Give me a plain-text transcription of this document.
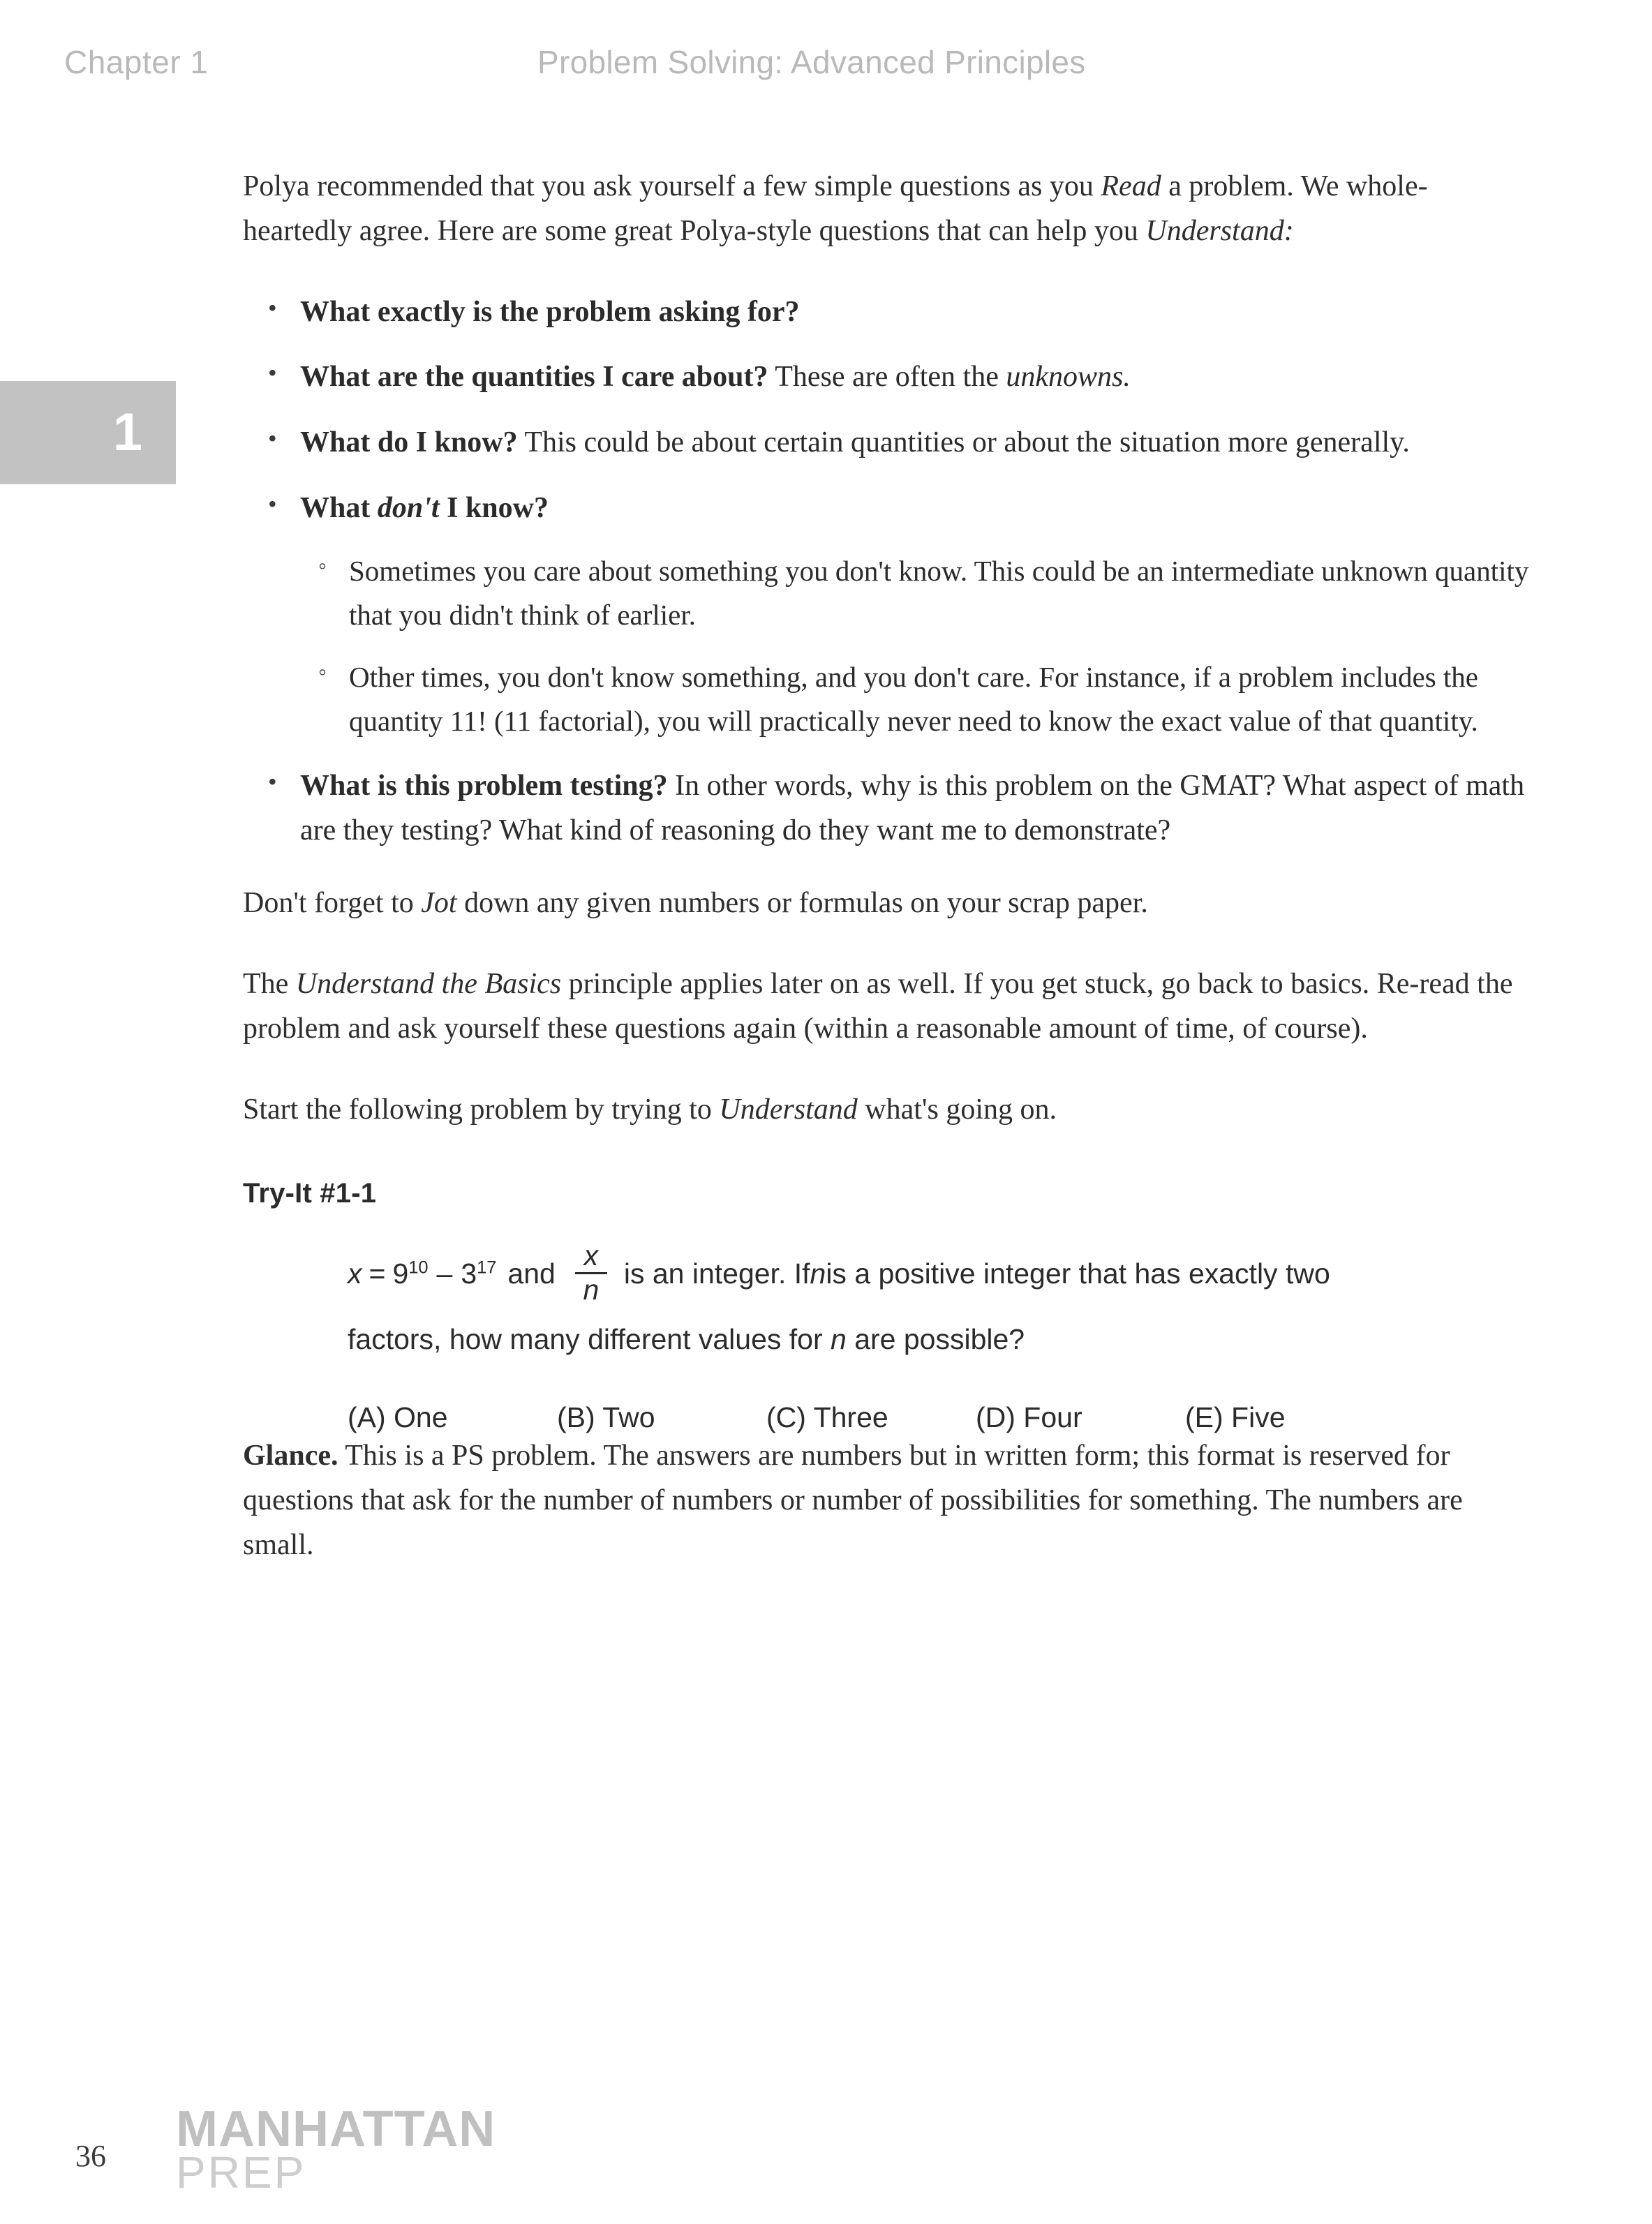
Chapter 1	Problem Solving: Advanced Principles
1

Polya recommended that you ask yourself a few simple questions as you Read a problem. We whole-heartedly agree. Here are some great Polya-style questions that can help you Understand:

• What exactly is the problem asking for?
• What are the quantities I care about? These are often the unknowns.
• What do I know? This could be about certain quantities or about the situation more generally.
• What don't I know?
◦ Sometimes you care about something you don't know. This could be an intermediate unknown quantity that you didn't think of earlier.
◦ Other times, you don't know something, and you don't care. For instance, if a problem includes the quantity 11! (11 factorial), you will practically never need to know the exact value of that quantity.
• What is this problem testing? In other words, why is this problem on the GMAT? What aspect of math are they testing? What kind of reasoning do they want me to demonstrate?

Don't forget to Jot down any given numbers or formulas on your scrap paper.

The Understand the Basics principle applies later on as well. If you get stuck, go back to basics. Re-read the problem and ask yourself these questions again (within a reasonable amount of time, of course).

Start the following problem by trying to Understand what's going on.

Try-It #1-1
$x = 9^{10} - 3^{17}$ and $\frac{x}{n}$ is an integer. If n is a positive integer that has exactly two
factors, how many different values for n are possible?
(A) One	(B) Two	(C) Three	(D) Four	(E) Five

Glance. This is a PS problem. The answers are numbers but in written form; this format is reserved for questions that ask for the number of numbers or number of possibilities for something. The numbers are small.

36 MANHATTAN
PREP
